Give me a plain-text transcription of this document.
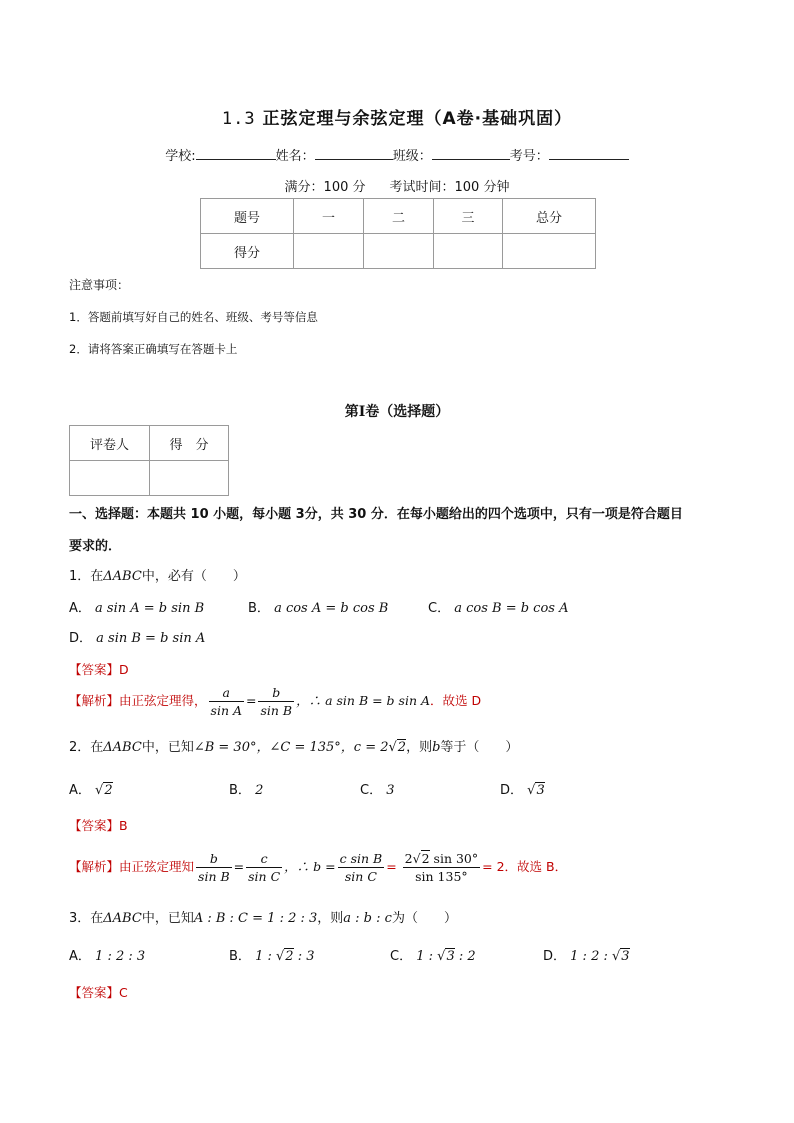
1.3 正弦定理与余弦定理（A卷·基础巩固）
学校:	姓名：	班级：	考号：
满分：100 分 考试时间：100 分钟
题号	一	二	三	总分
得分				
注意事项：
1．答题前填写好自己的姓名、班级、考号等信息
2．请将答案正确填写在答题卡上
第Ⅰ卷（选择题）
评卷人	得　分

一、选择题：本题共 10 小题，每小题 3分，共 30 分．在每小题给出的四个选项中，只有一项是符合题目
要求的．
1．在ΔABC中，必有（　　）
A． a sin A = b sin B	B． a cos A = b cos B	C． a cos B = b cos A
D． a sin B = b sin A
【答案】D
【解析】由正弦定理得， $\frac{a}{\text{sin A}} = \frac{b}{\text{sin B}}$ ，∴ a sin B = b sin A．故选 D
2．在ΔABC中，已知∠B = 30°，∠C = 135°，c = 2√2，则b等于（　　）
A． √2	B． 2	C． 3	D． √3
【答案】B
【解析】由正弦定理知 $\frac{b}{\text{sin B}} = \frac{c}{\text{sin C}}$ ，∴ $b = \frac{\text{c sin B}}{\text{sin C}} = \frac{2√2 \sin 30^\circ}{\sin 135^\circ} = 2$．故选 B．
3．在ΔABC中，已知A : B : C = 1 : 2 : 3，则a : b : c为（　　）
A． 1 : 2 : 3	B． 1 : √2 : 3	C． 1 : √3 : 2	D． 1 : 2 : √3
【答案】C
